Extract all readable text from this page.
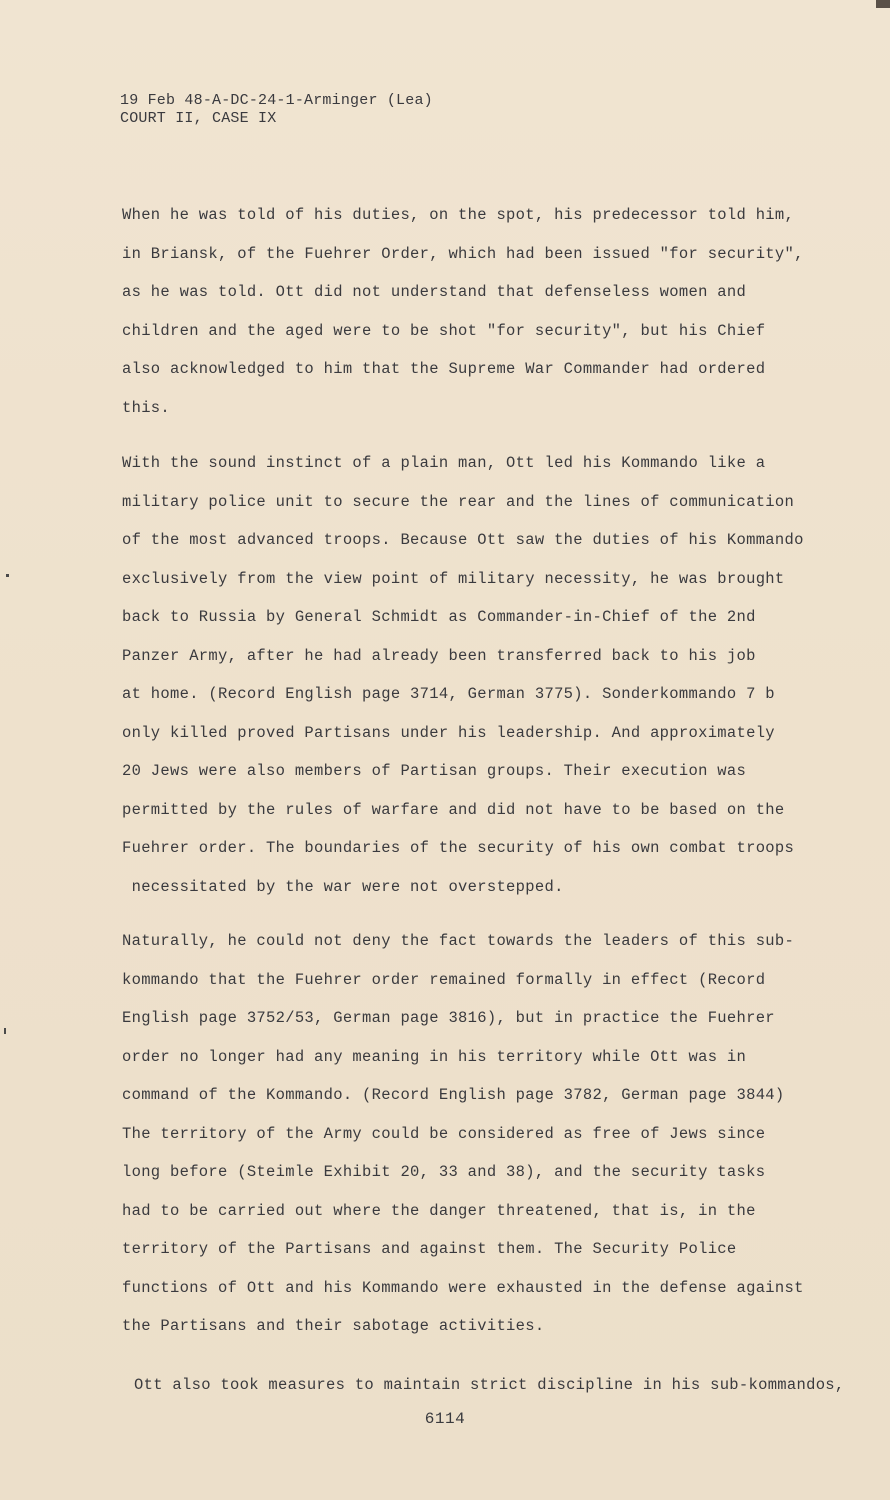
19 Feb 48-A-DC-24-1-Arminger (Lea)
COURT II, CASE IX
When he was told of his duties, on the spot, his predecessor told him,
in Briansk, of the Fuehrer Order, which had been issued "for security",
as he was told. Ott did not understand that defenseless women and
children and the aged were to be shot "for security", but his Chief
also acknowledged to him that the Supreme War Commander had ordered
this.
With the sound instinct of a plain man, Ott led his Kommando like a
military police unit to secure the rear and the lines of communication
of the most advanced troops. Because Ott saw the duties of his Kommando
exclusively from the view point of military necessity, he was brought
back to Russia by General Schmidt as Commander-in-Chief of the 2nd
Panzer Army, after he had already been transferred back to his job
at home. (Record English page 3714, German 3775). Sonderkommando 7 b
only killed proved Partisans under his leadership. And approximately
20 Jews were also members of Partisan groups. Their execution was
permitted by the rules of warfare and did not have to be based on the
Fuehrer order. The boundaries of the security of his own combat troops
necessitated by the war were not overstepped.
Naturally, he could not deny the fact towards the leaders of this sub-
kommando that the Fuehrer order remained formally in effect (Record
English page 3752/53, German page 3816), but in practice the Fuehrer
order no longer had any meaning in his territory while Ott was in
command of the Kommando. (Record English page 3782, German page 3844)
The territory of the Army could be considered as free of Jews since
long before (Steimle Exhibit 20, 33 and 38), and the security tasks
had to be carried out where the danger threatened, that is, in the
territory of the Partisans and against them. The Security Police
functions of Ott and his Kommando were exhausted in the defense against
the Partisans and their sabotage activities.
Ott also took measures to maintain strict discipline in his sub-kommandos,
6114
